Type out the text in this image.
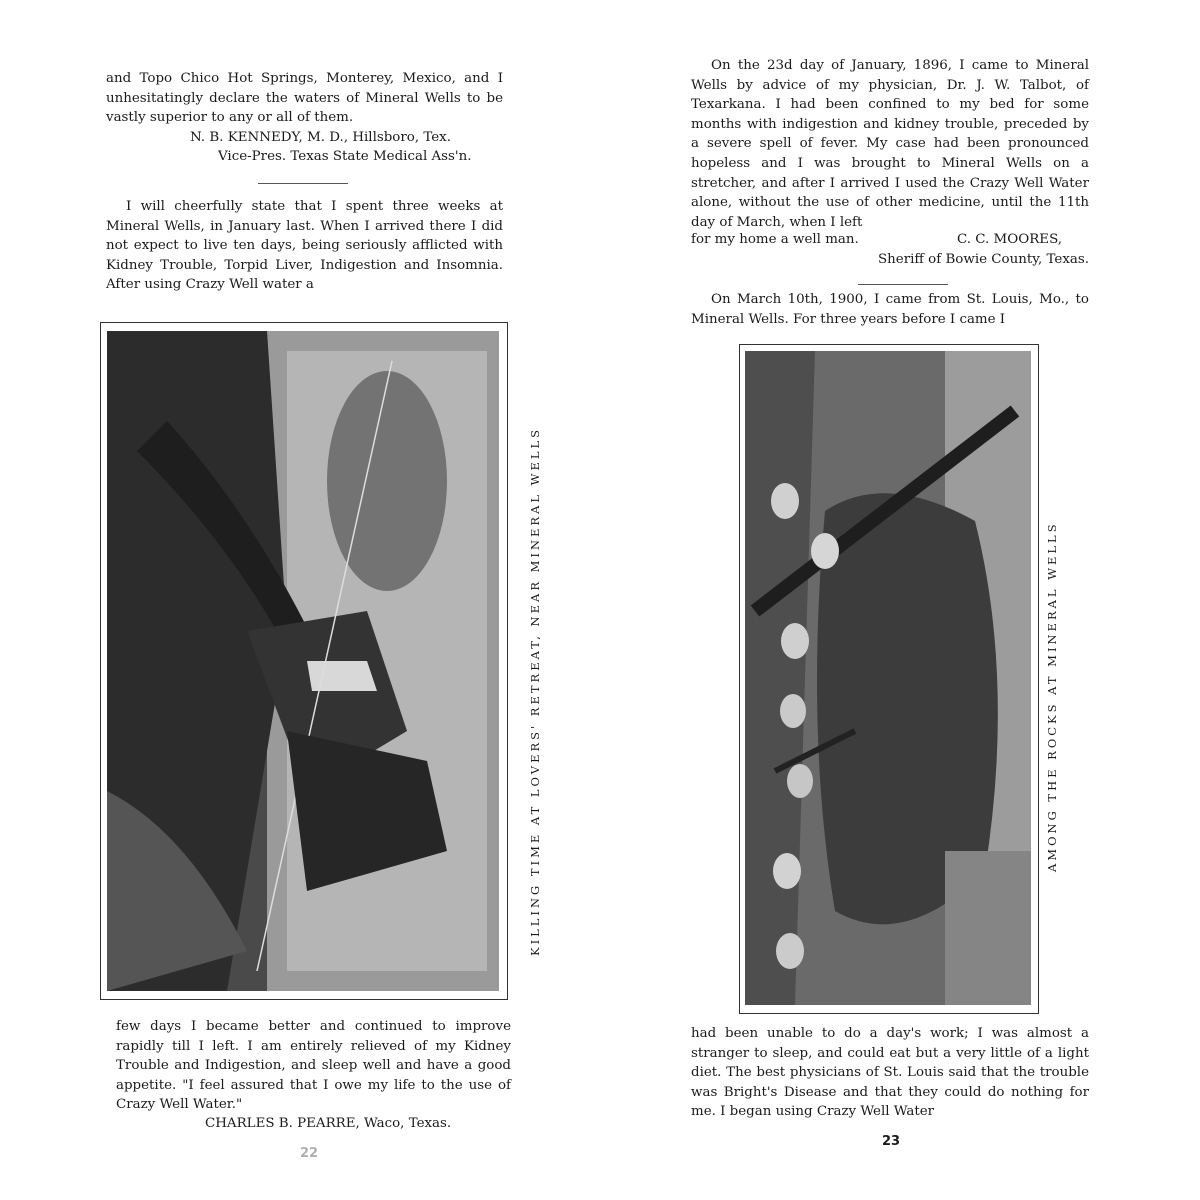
and Topo Chico Hot Springs, Monterey, Mexico, and I unhesitatingly declare the waters of Mineral Wells to be vastly superior to any or all of them.

N. B. KENNEDY, M. D., Hillsboro, Tex.
Vice-Pres. Texas State Medical Ass'n.

I will cheerfully state that I spent three weeks at Mineral Wells, in January last. When I arrived there I did not expect to live ten days, being seriously afflicted with Kidney Trouble, Torpid Liver, Indigestion and Insomnia. After using Crazy Well water a

KILLING TIME AT LOVERS' RETREAT, NEAR MINERAL WELLS

few days I became better and continued to improve rapidly till I left. I am entirely relieved of my Kidney Trouble and Indigestion, and sleep well and have a good appetite. "I feel assured that I owe my life to the use of Crazy Well Water."

CHARLES B. PEARRE, Waco, Texas.
22

On the 23d day of January, 1896, I came to Mineral Wells by advice of my physician, Dr. J. W. Talbot, of Texarkana. I had been confined to my bed for some months with indigestion and kidney trouble, preceded by a severe spell of fever. My case had been pronounced hopeless and I was brought to Mineral Wells on a stretcher, and after I arrived I used the Crazy Well Water alone, without the use of other medicine, until the 11th day of March, when I left

for my home a well man.	C. C. MOORES,
Sheriff of Bowie County, Texas.

On March 10th, 1900, I came from St. Louis, Mo., to Mineral Wells. For three years before I came I

AMONG THE ROCKS AT MINERAL WELLS

had been unable to do a day's work; I was almost a stranger to sleep, and could eat but a very little of a light diet. The best physicians of St. Louis said that the trouble was Bright's Disease and that they could do nothing for me. I began using Crazy Well Water

23
